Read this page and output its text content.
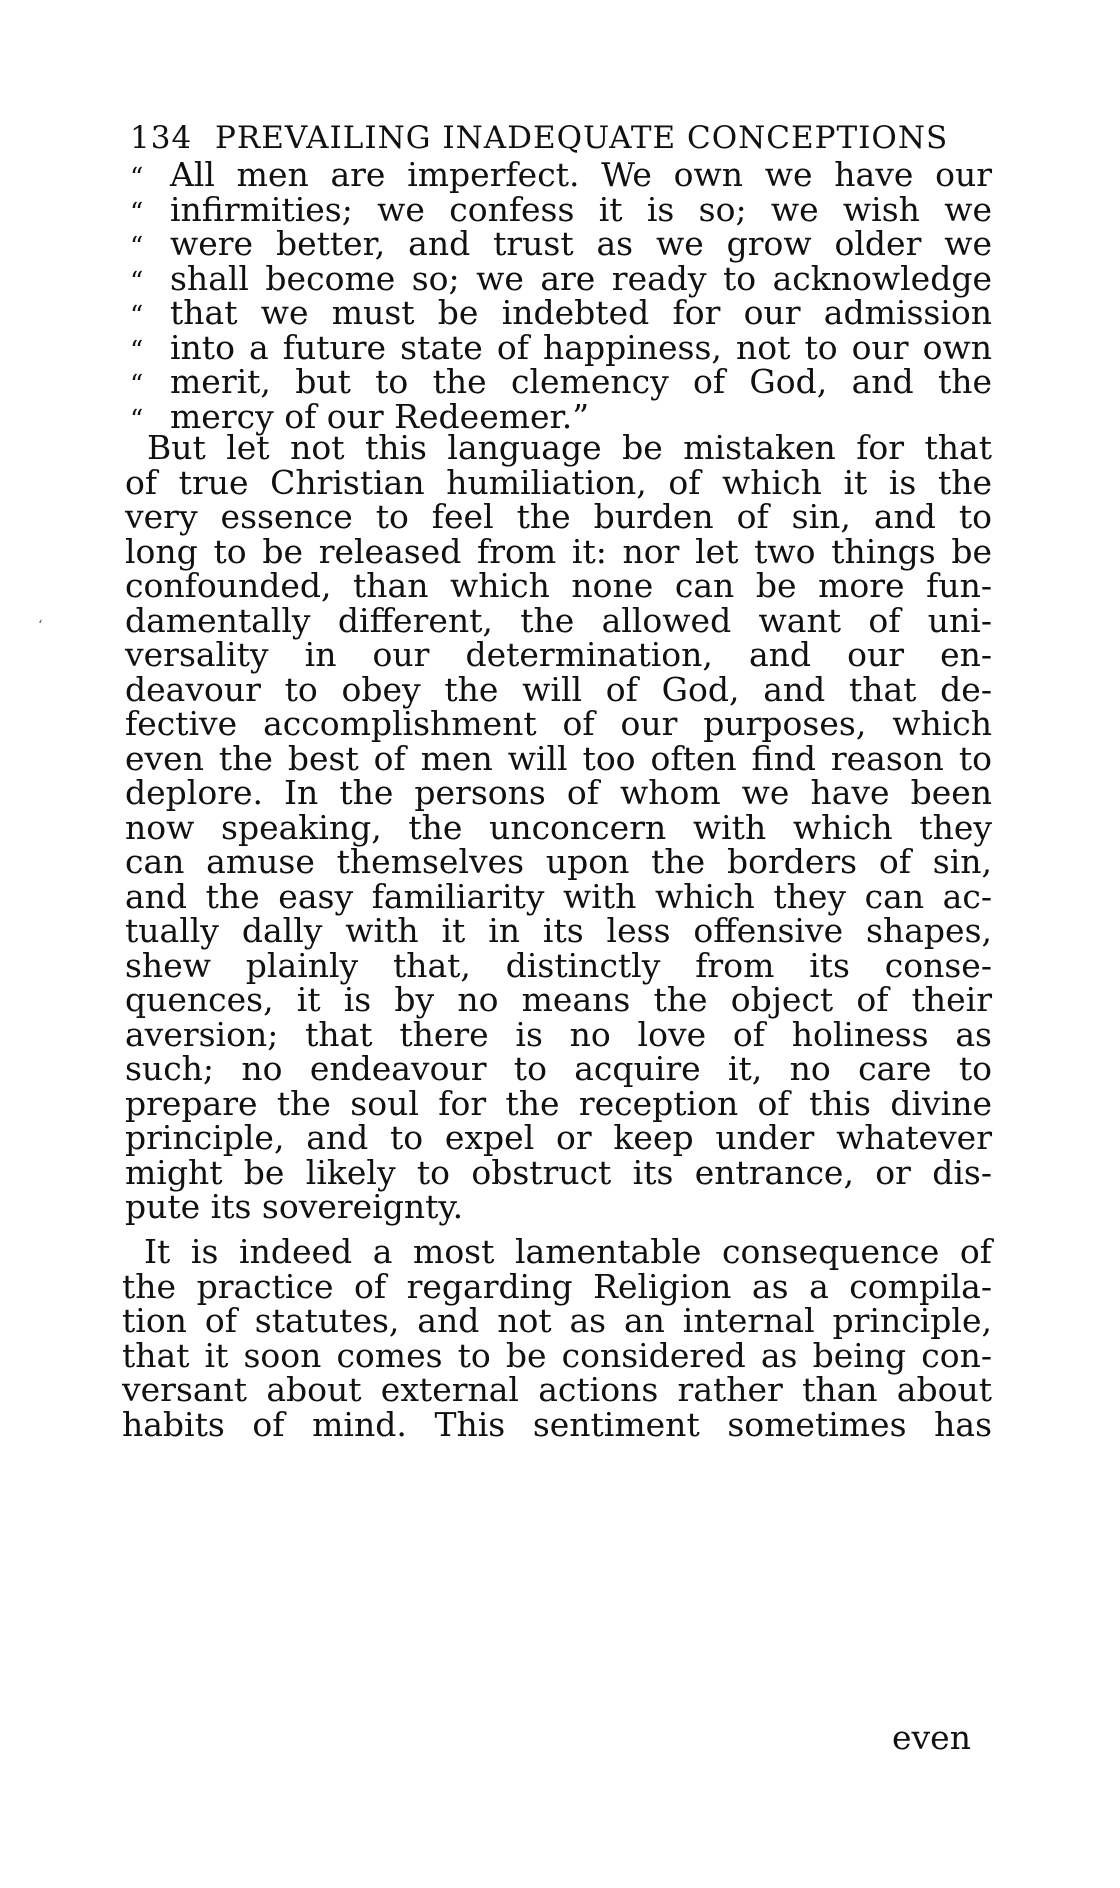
134 PREVAILING INADEQUATE CONCEPTIONS
‘
“ All men are imperfect. We own we have our
“ infirmities; we confess it is so; we wish we
“ were better, and trust as we grow older we
“ shall become so; we are ready to acknowledge
“ that we must be indebted for our admission
“ into a future state of happiness, not to our own
“ merit, but to the clemency of God, and the
“ mercy of our Redeemer.”
But let not this language be mistaken for that
of true Christian humiliation, of which it is the
very essence to feel the burden of sin, and to
long to be released from it: nor let two things be
confounded, than which none can be more fun-
damentally different, the allowed want of uni-
versality in our determination, and our en-
deavour to obey the will of God, and that de-
fective accomplishment of our purposes, which
even the best of men will too often find reason to
deplore. In the persons of whom we have been
now speaking, the unconcern with which they
can amuse themselves upon the borders of sin,
and the easy familiarity with which they can ac-
tually dally with it in its less offensive shapes,
shew plainly that, distinctly from its conse-
quences, it is by no means the object of their
aversion; that there is no love of holiness as
such; no endeavour to acquire it, no care to
prepare the soul for the reception of this divine
principle, and to expel or keep under whatever
might be likely to obstruct its entrance, or dis-
pute its sovereignty.
It is indeed a most lamentable consequence of
the practice of regarding Religion as a compila-
tion of statutes, and not as an internal principle,
that it soon comes to be considered as being con-
versant about external actions rather than about
habits of mind. This sentiment sometimes has
even
